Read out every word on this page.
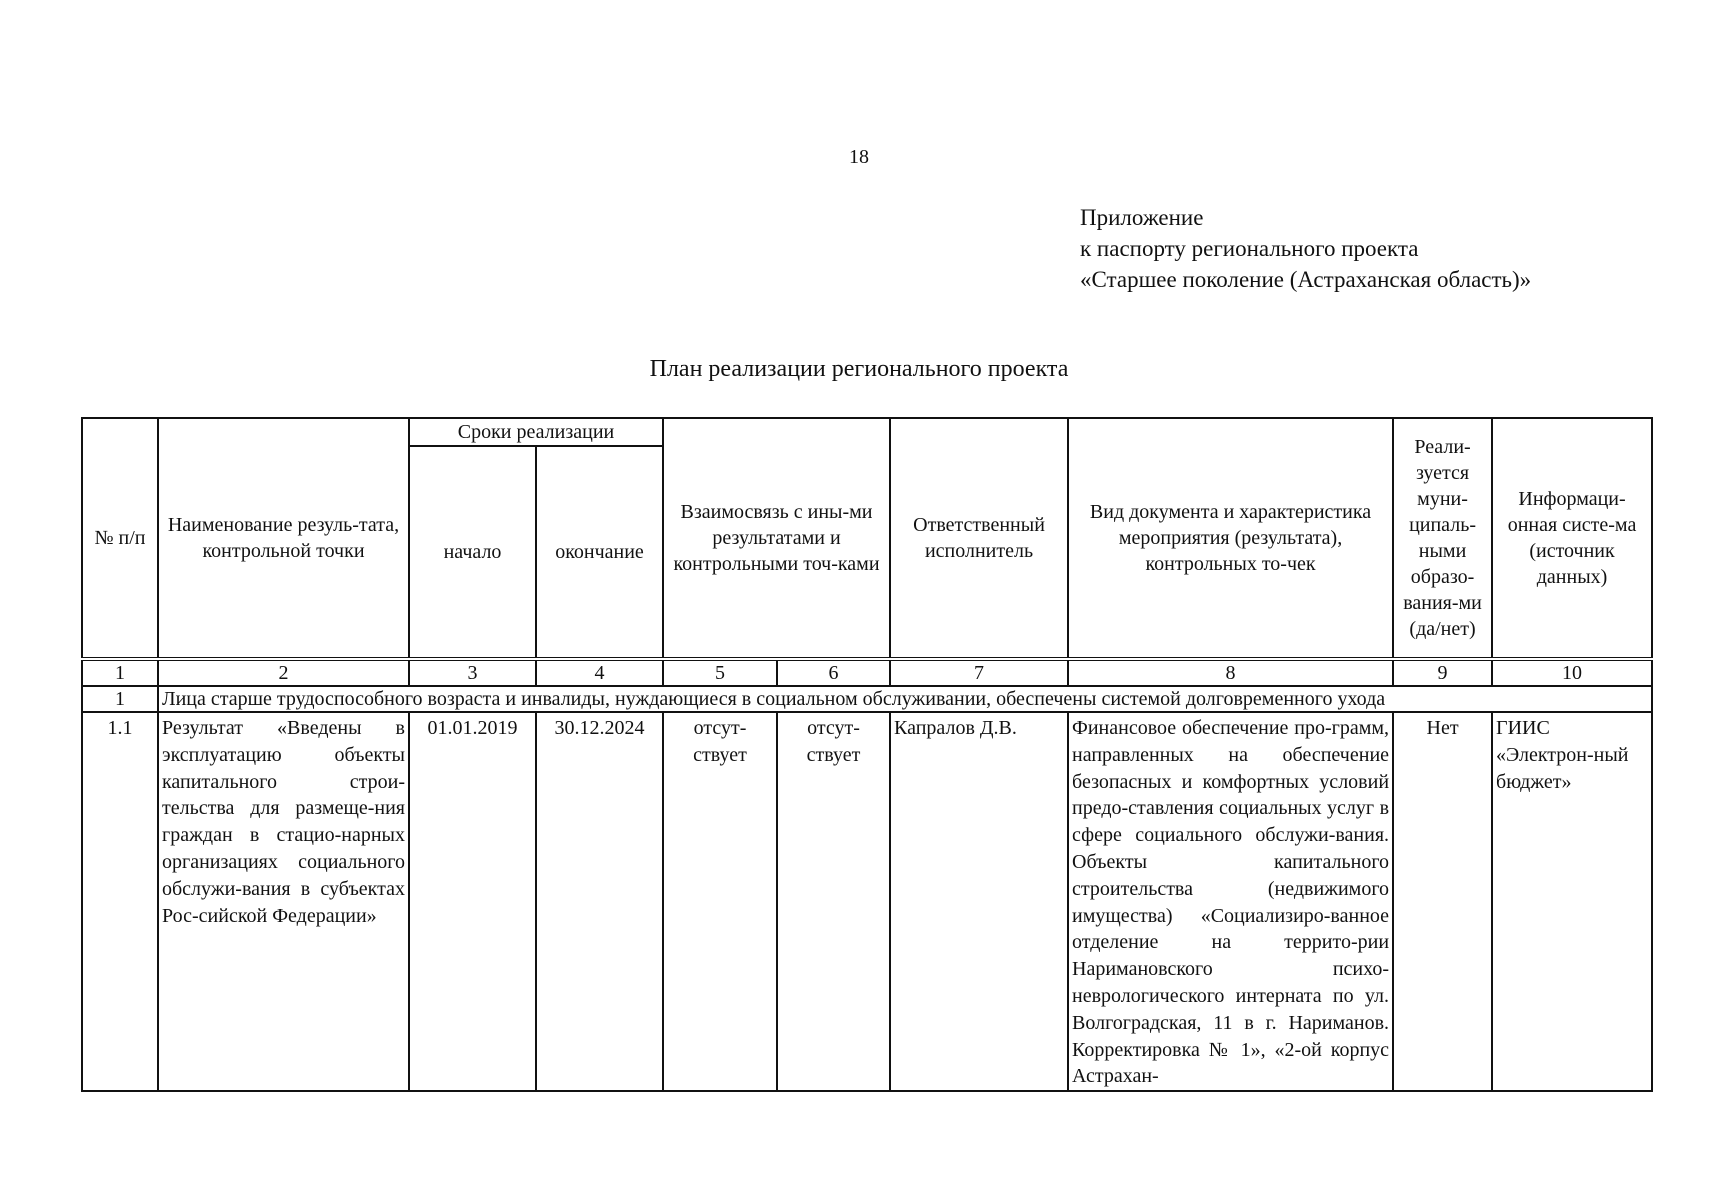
18
Приложение
к паспорту регионального проекта
«Старшее поколение (Астраханская область)»
План реализации регионального проекта
№ п/п	Наименование резуль-тата, контрольной точки	Сроки реализации		Взаимосвязь с ины-ми результатами и контрольными точ-ками		Ответственный исполнитель	Вид документа и характеристика мероприятия (результата), контрольных то-чек	Реали-зуется муни-ципаль-ными образо-вания-ми (да/нет)	Информаци-онная систе-ма (источник данных)
		начало	окончание						
1	2	3	4	5	6	7	8	9	10
1	Лица старше трудоспособного возраста и инвалиды, нуждающиеся в социальном обслуживании, обеспечены системой долговременного ухода								
1.1	Результат «Введены в эксплуатацию объекты капитального строи-тельства для размеще-ния граждан в стацио-нарных организациях социального обслужи-вания в субъектах Рос-сийской Федерации»	01.01.2019	30.12.2024	отсут-ствует	отсут-ствует	Капралов Д.В.	Финансовое обеспечение про-грамм, направленных на обеспечение безопасных и комфортных условий предо-ставления социальных услуг в сфере социального обслужи-вания. Объекты капитального строительства (недвижимого имущества) «Социализиро-ванное отделение на террито-рии Наримановского психо-неврологического интерната по ул. Волгоградская, 11 в г. Нариманов. Корректировка № 1», «2-ой корпус Астрахан-	Нет	ГИИС «Электрон-ный бюджет»
